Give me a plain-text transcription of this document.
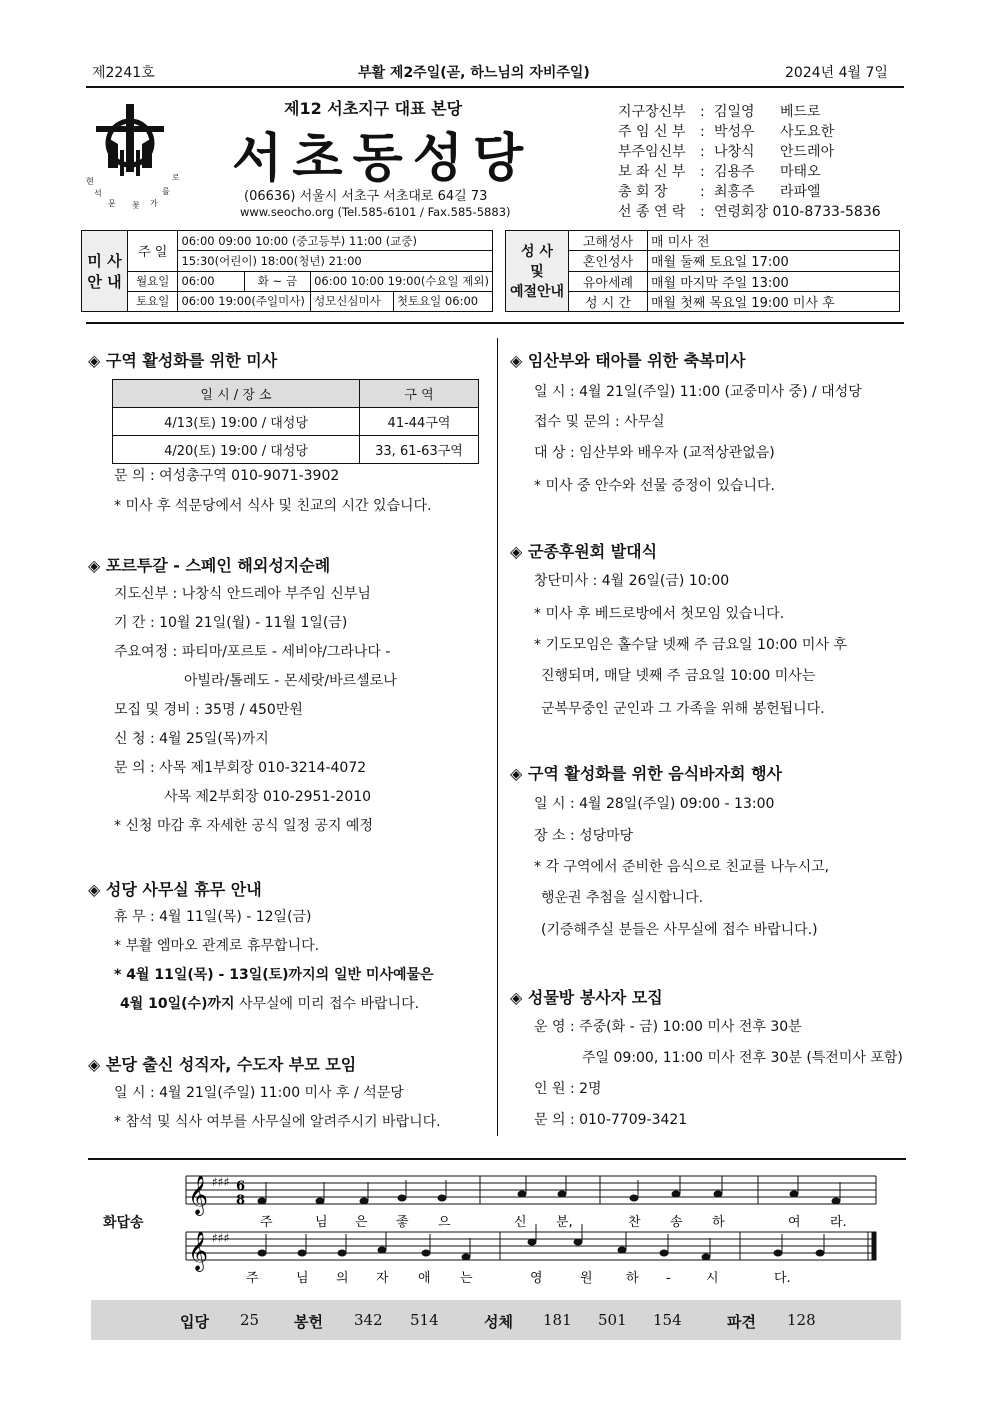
제2241호	부활 제2주일(곧, 하느님의 자비주일)	2024년 4월 7일
현	로
석	를
문 꽃 가
제12 서초지구 대표 본당
서초동성당
(06636) 서울시 서초구 서초대로 64길 73
www.seocho.org (Tel.585-6101 / Fax.585-5883)
지구장신부	: 김일영	베드로
주 임 신 부	: 박성우	사도요한
부주임신부	: 나창식	안드레아
보 좌 신 부	: 김용주	마태오
총 회 장	: 최흥주	라파엘
선 종 연 락	: 연령회장 010-8733-5836
미 사
안 내	주 일	06:00 09:00 10:00 (중고등부) 11:00 (교중)			
		15:30(어린이) 18:00(청년) 21:00			
	월요일	06:00	화 ~ 금	06:00 10:00 19:00(수요일 제외)	
	토요일	06:00 19:00(주일미사)		성모신심미사	첫토요일 06:00
성 사
및
예절안내	고해성사	매 미사 전
	혼인성사	매월 둘째 토요일 17:00
	유아세례	매월 마지막 주일 13:00
	성 시 간	매월 첫째 목요일 19:00 미사 후
◈ 구역 활성화를 위한 미사
일 시 / 장 소	구 역
4/13(토) 19:00 / 대성당	41-44구역
4/20(토) 19:00 / 대성당	33, 61-63구역
문 의 : 여성총구역 010-9071-3902
* 미사 후 석문당에서 식사 및 친교의 시간 있습니다.
◈ 포르투갈 - 스페인 해외성지순례
지도신부 : 나창식 안드레아 부주임 신부님
기 간 : 10월 21일(월) - 11월 1일(금)
주요여정 : 파티마/포르토 - 세비야/그라나다 -
아빌라/톨레도 - 몬세랏/바르셀로나
모집 및 경비 : 35명 / 450만원
신 청 : 4월 25일(목)까지
문 의 : 사목 제1부회장 010-3214-4072
사목 제2부회장 010-2951-2010
* 신청 마감 후 자세한 공식 일정 공지 예정
◈ 성당 사무실 휴무 안내
휴 무 : 4월 11일(목) - 12일(금)
* 부활 엠마오 관계로 휴무합니다.
* 4월 11일(목) - 13일(토)까지의 일반 미사예물은
4월 10일(수)까지 사무실에 미리 접수 바랍니다.
◈ 본당 출신 성직자, 수도자 부모 모임
일 시 : 4월 21일(주일) 11:00 미사 후 / 석문당
* 참석 및 식사 여부를 사무실에 알려주시기 바랍니다.
◈ 임산부와 태아를 위한 축복미사
일 시 : 4월 21일(주일) 11:00 (교중미사 중) / 대성당
접수 및 문의 : 사무실
대 상 : 임산부와 배우자 (교적상관없음)
* 미사 중 안수와 선물 증정이 있습니다.
◈ 군종후원회 발대식
창단미사 : 4월 26일(금) 10:00
* 미사 후 베드로방에서 첫모임 있습니다.
* 기도모임은 홀수달 넷째 주 금요일 10:00 미사 후
진행되며, 매달 넷째 주 금요일 10:00 미사는
군복무중인 군인과 그 가족을 위해 봉헌됩니다.
◈ 구역 활성화를 위한 음식바자회 행사
일 시 : 4월 28일(주일) 09:00 - 13:00
장 소 : 성당마당
* 각 구역에서 준비한 음식으로 친교를 나누시고,
행운권 추첨을 실시합니다.
(기증해주실 분들은 사무실에 접수 바랍니다.)
◈ 성물방 봉사자 모집
운 영 : 주중(화 - 금) 10:00 미사 전후 30분
주일 09:00, 11:00 미사 전후 30분 (특전미사 포함)
인 원 : 2명
문 의 : 010-7709-3421
화답송
𝄞
𝄞
♯♯♯
♯♯♯
6
8
주	님 은 좋 으	신 분,	찬 송 하	여 라.
주	님 의 자 애 는	영	원	하 -	시	다.
입당 25 봉헌 342 514	성체 181 501 154	파견 128
